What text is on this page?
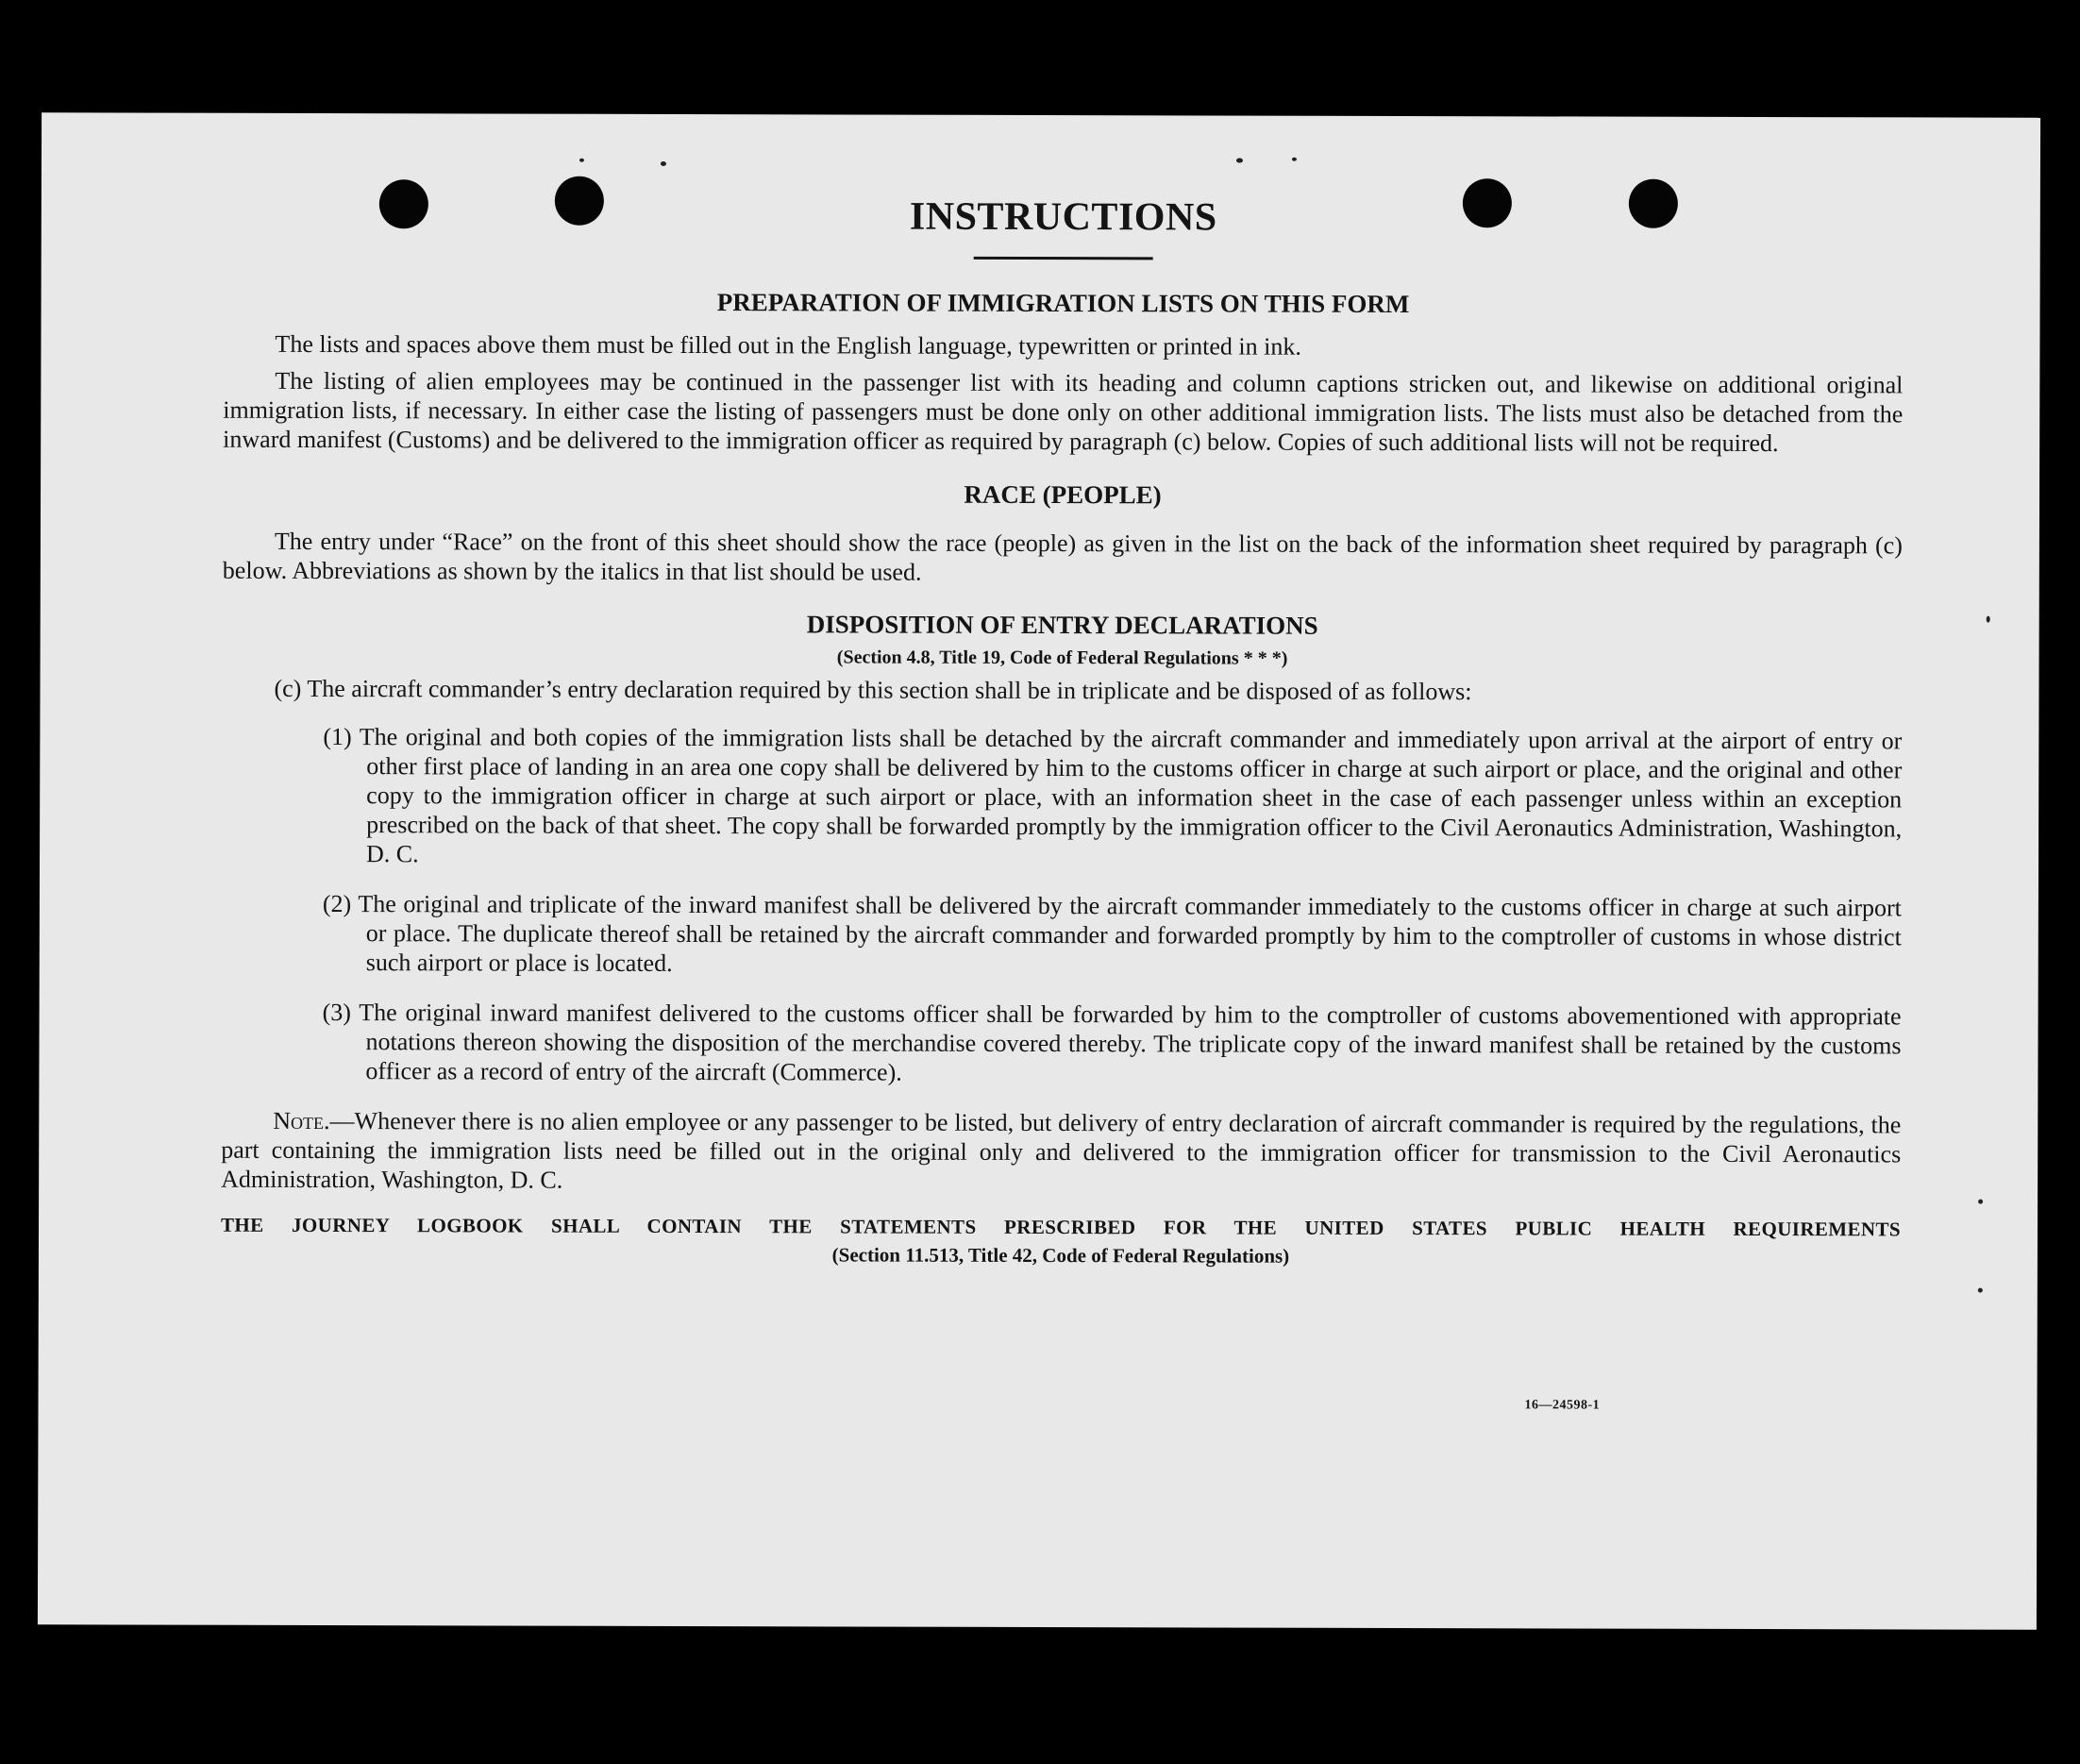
INSTRUCTIONS
PREPARATION OF IMMIGRATION LISTS ON THIS FORM

The lists and spaces above them must be filled out in the English language, typewritten or printed in ink.

The listing of alien employees may be continued in the passenger list with its heading and column captions stricken out, and likewise on additional original immigration lists, if necessary. In either case the listing of passengers must be done only on other additional immigration lists. The lists must also be detached from the inward manifest (Customs) and be delivered to the immigration officer as required by paragraph (c) below. Copies of such additional lists will not be required.

RACE (PEOPLE)

The entry under “Race” on the front of this sheet should show the race (people) as given in the list on the back of the information sheet required by paragraph (c) below. Abbreviations as shown by the italics in that list should be used.

DISPOSITION OF ENTRY DECLARATIONS
(Section 4.8, Title 19, Code of Federal Regulations * * *)

(c) The aircraft commander’s entry declaration required by this section shall be in triplicate and be disposed of as follows:

(1) The original and both copies of the immigration lists shall be detached by the aircraft commander and immediately upon arrival at the airport of entry or other first place of landing in an area one copy shall be delivered by him to the customs officer in charge at such airport or place, and the original and other copy to the immigration officer in charge at such airport or place, with an information sheet in the case of each passenger unless within an exception prescribed on the back of that sheet. The copy shall be forwarded promptly by the immigration officer to the Civil Aeronautics Administration, Washington, D. C.

(2) The original and triplicate of the inward manifest shall be delivered by the aircraft commander immediately to the customs officer in charge at such airport or place. The duplicate thereof shall be retained by the aircraft commander and forwarded promptly by him to the comptroller of customs in whose district such airport or place is located.

(3) The original inward manifest delivered to the customs officer shall be forwarded by him to the comptroller of customs abovementioned with appropriate notations thereon showing the disposition of the merchandise covered thereby. The triplicate copy of the inward manifest shall be retained by the customs officer as a record of entry of the aircraft (Commerce).

Note.—Whenever there is no alien employee or any passenger to be listed, but delivery of entry declaration of aircraft commander is required by the regulations, the part containing the immigration lists need be filled out in the original only and delivered to the immigration officer for transmission to the Civil Aeronautics Administration, Washington, D. C.

THE JOURNEY LOGBOOK SHALL CONTAIN THE STATEMENTS PRESCRIBED FOR THE UNITED STATES PUBLIC HEALTH REQUIREMENTS
(Section 11.513, Title 42, Code of Federal Regulations)
16—24598-1
